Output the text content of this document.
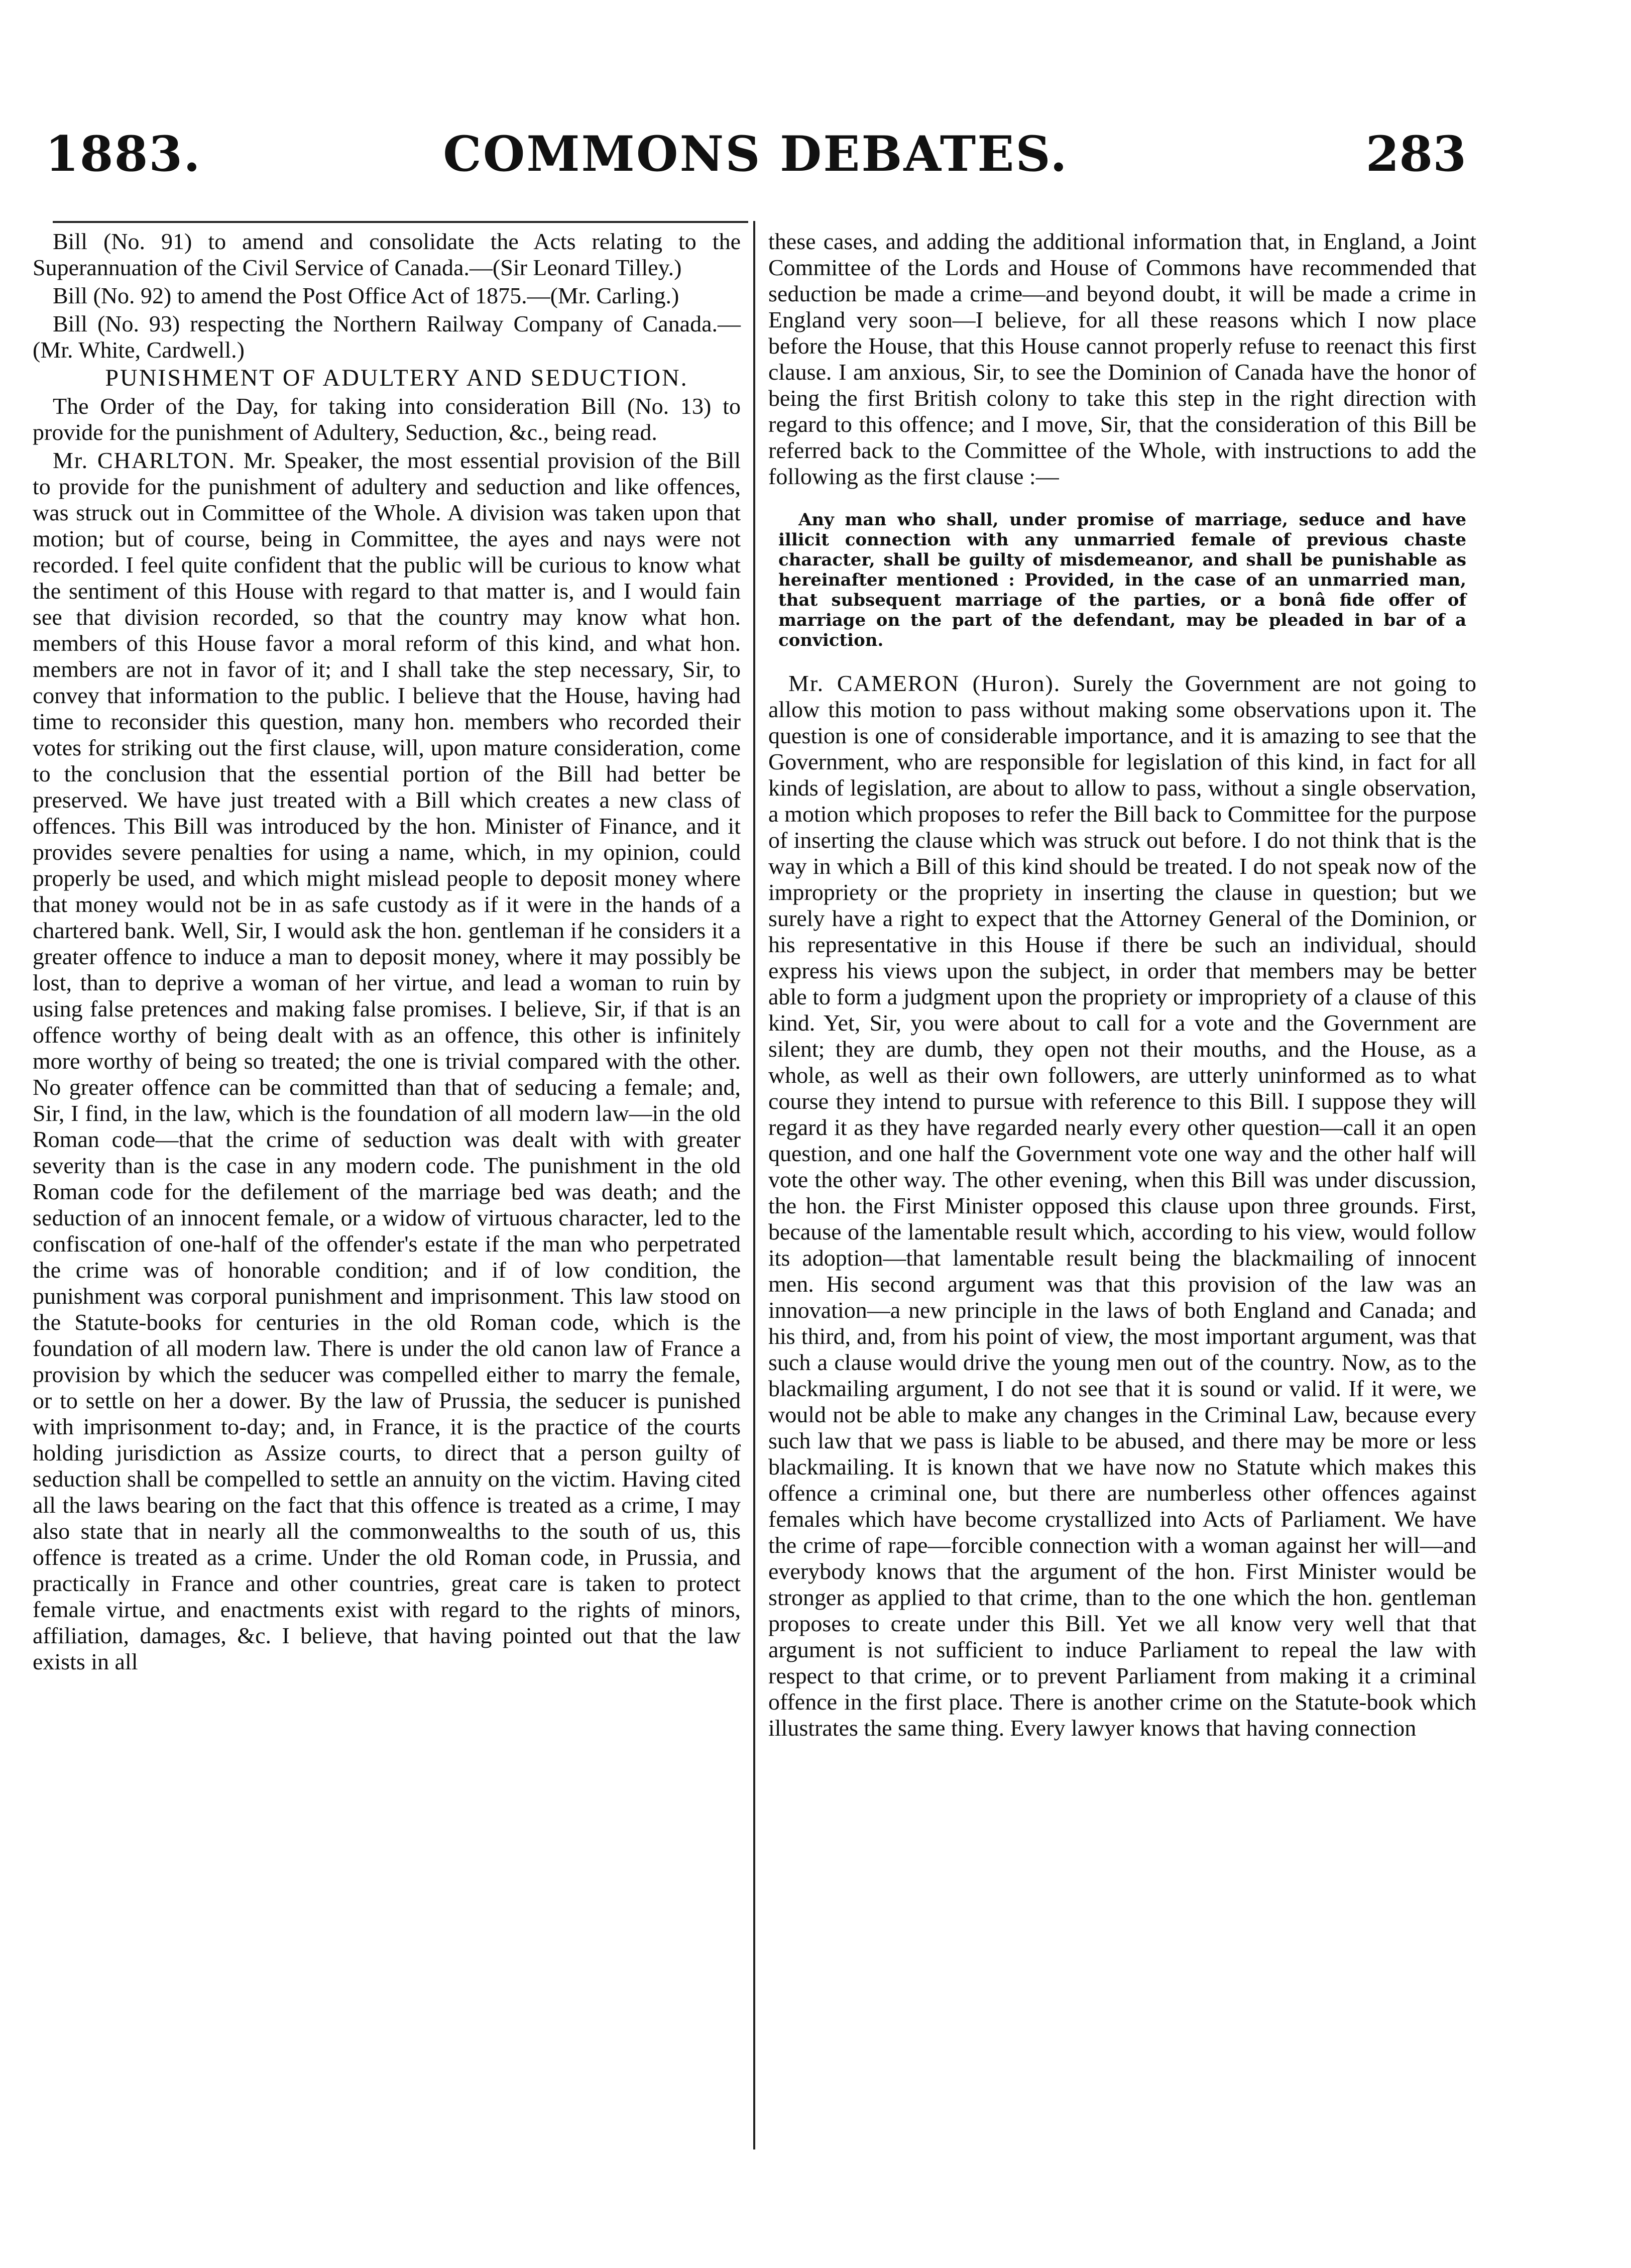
1883.	COMMONS DEBATES.	283

Bill (No. 91) to amend and consolidate the Acts relating to the Superannuation of the Civil Service of Canada.—(Sir Leonard Tilley.)

Bill (No. 92) to amend the Post Office Act of 1875.—(Mr. Carling.)

Bill (No. 93) respecting the Northern Railway Company of Canada.—(Mr. White, Cardwell.)

PUNISHMENT OF ADULTERY AND SEDUCTION.

The Order of the Day, for taking into consideration Bill (No. 13) to provide for the punishment of Adultery, Seduction, &c., being read.

Mr. CHARLTON. Mr. Speaker, the most essential provision of the Bill to provide for the punishment of adultery and seduction and like offences, was struck out in Committee of the Whole. A division was taken upon that motion; but of course, being in Committee, the ayes and nays were not recorded. I feel quite confident that the public will be curious to know what the sentiment of this House with regard to that matter is, and I would fain see that division recorded, so that the country may know what hon. members of this House favor a moral reform of this kind, and what hon. members are not in favor of it; and I shall take the step necessary, Sir, to convey that information to the public. I believe that the House, having had time to reconsider this question, many hon. members who recorded their votes for striking out the first clause, will, upon mature consideration, come to the conclusion that the essential portion of the Bill had better be preserved. We have just treated with a Bill which creates a new class of offences. This Bill was introduced by the hon. Minister of Finance, and it provides severe penalties for using a name, which, in my opinion, could properly be used, and which might mislead people to deposit money where that money would not be in as safe custody as if it were in the hands of a chartered bank. Well, Sir, I would ask the hon. gentleman if he considers it a greater offence to induce a man to deposit money, where it may possibly be lost, than to deprive a woman of her virtue, and lead a woman to ruin by using false pretences and making false promises. I believe, Sir, if that is an offence worthy of being dealt with as an offence, this other is infinitely more worthy of being so treated; the one is trivial compared with the other. No greater offence can be committed than that of seducing a female; and, Sir, I find, in the law, which is the foundation of all modern law—in the old Roman code—that the crime of seduction was dealt with with greater severity than is the case in any modern code. The punishment in the old Roman code for the defilement of the marriage bed was death; and the seduction of an innocent female, or a widow of virtuous character, led to the confiscation of one-half of the offender's estate if the man who perpetrated the crime was of honorable condition; and if of low condition, the punishment was corporal punishment and imprisonment. This law stood on the Statute-books for centuries in the old Roman code, which is the foundation of all modern law. There is under the old canon law of France a provision by which the seducer was compelled either to marry the female, or to settle on her a dower. By the law of Prussia, the seducer is punished with imprisonment to-day; and, in France, it is the practice of the courts holding jurisdiction as Assize courts, to direct that a person guilty of seduction shall be compelled to settle an annuity on the victim. Having cited all the laws bearing on the fact that this offence is treated as a crime, I may also state that in nearly all the commonwealths to the south of us, this offence is treated as a crime. Under the old Roman code, in Prussia, and practically in France and other countries, great care is taken to protect female virtue, and enactments exist with regard to the rights of minors, affiliation, damages, &c. I believe, that having pointed out that the law exists in all

these cases, and adding the additional information that, in England, a Joint Committee of the Lords and House of Commons have recommended that seduction be made a crime—and beyond doubt, it will be made a crime in England very soon—I believe, for all these reasons which I now place before the House, that this House cannot properly refuse to reenact this first clause. I am anxious, Sir, to see the Dominion of Canada have the honor of being the first British colony to take this step in the right direction with regard to this offence; and I move, Sir, that the consideration of this Bill be referred back to the Committee of the Whole, with instructions to add the following as the first clause :—

Any man who shall, under promise of marriage, seduce and have illicit connection with any unmarried female of previous chaste character, shall be guilty of misdemeanor, and shall be punishable as hereinafter mentioned : Provided, in the case of an unmarried man, that subsequent marriage of the parties, or a bonâ fide offer of marriage on the part of the defendant, may be pleaded in bar of a conviction.

Mr. CAMERON (Huron). Surely the Government are not going to allow this motion to pass without making some observations upon it. The question is one of considerable importance, and it is amazing to see that the Government, who are responsible for legislation of this kind, in fact for all kinds of legislation, are about to allow to pass, without a single observation, a motion which proposes to refer the Bill back to Committee for the purpose of inserting the clause which was struck out before. I do not think that is the way in which a Bill of this kind should be treated. I do not speak now of the impropriety or the propriety in inserting the clause in question; but we surely have a right to expect that the Attorney General of the Dominion, or his representative in this House if there be such an individual, should express his views upon the subject, in order that members may be better able to form a judgment upon the propriety or impropriety of a clause of this kind. Yet, Sir, you were about to call for a vote and the Government are silent; they are dumb, they open not their mouths, and the House, as a whole, as well as their own followers, are utterly uninformed as to what course they intend to pursue with reference to this Bill. I suppose they will regard it as they have regarded nearly every other question—call it an open question, and one half the Government vote one way and the other half will vote the other way. The other evening, when this Bill was under discussion, the hon. the First Minister opposed this clause upon three grounds. First, because of the lamentable result which, according to his view, would follow its adoption—that lamentable result being the blackmailing of innocent men. His second argument was that this provision of the law was an innovation—a new principle in the laws of both England and Canada; and his third, and, from his point of view, the most important argument, was that such a clause would drive the young men out of the country. Now, as to the blackmailing argument, I do not see that it is sound or valid. If it were, we would not be able to make any changes in the Criminal Law, because every such law that we pass is liable to be abused, and there may be more or less blackmailing. It is known that we have now no Statute which makes this offence a criminal one, but there are numberless other offences against females which have become crystallized into Acts of Parliament. We have the crime of rape—forcible connection with a woman against her will—and everybody knows that the argument of the hon. First Minister would be stronger as applied to that crime, than to the one which the hon. gentleman proposes to create under this Bill. Yet we all know very well that that argument is not sufficient to induce Parliament to repeal the law with respect to that crime, or to prevent Parliament from making it a criminal offence in the first place. There is another crime on the Statute-book which illustrates the same thing. Every lawyer knows that having connection
